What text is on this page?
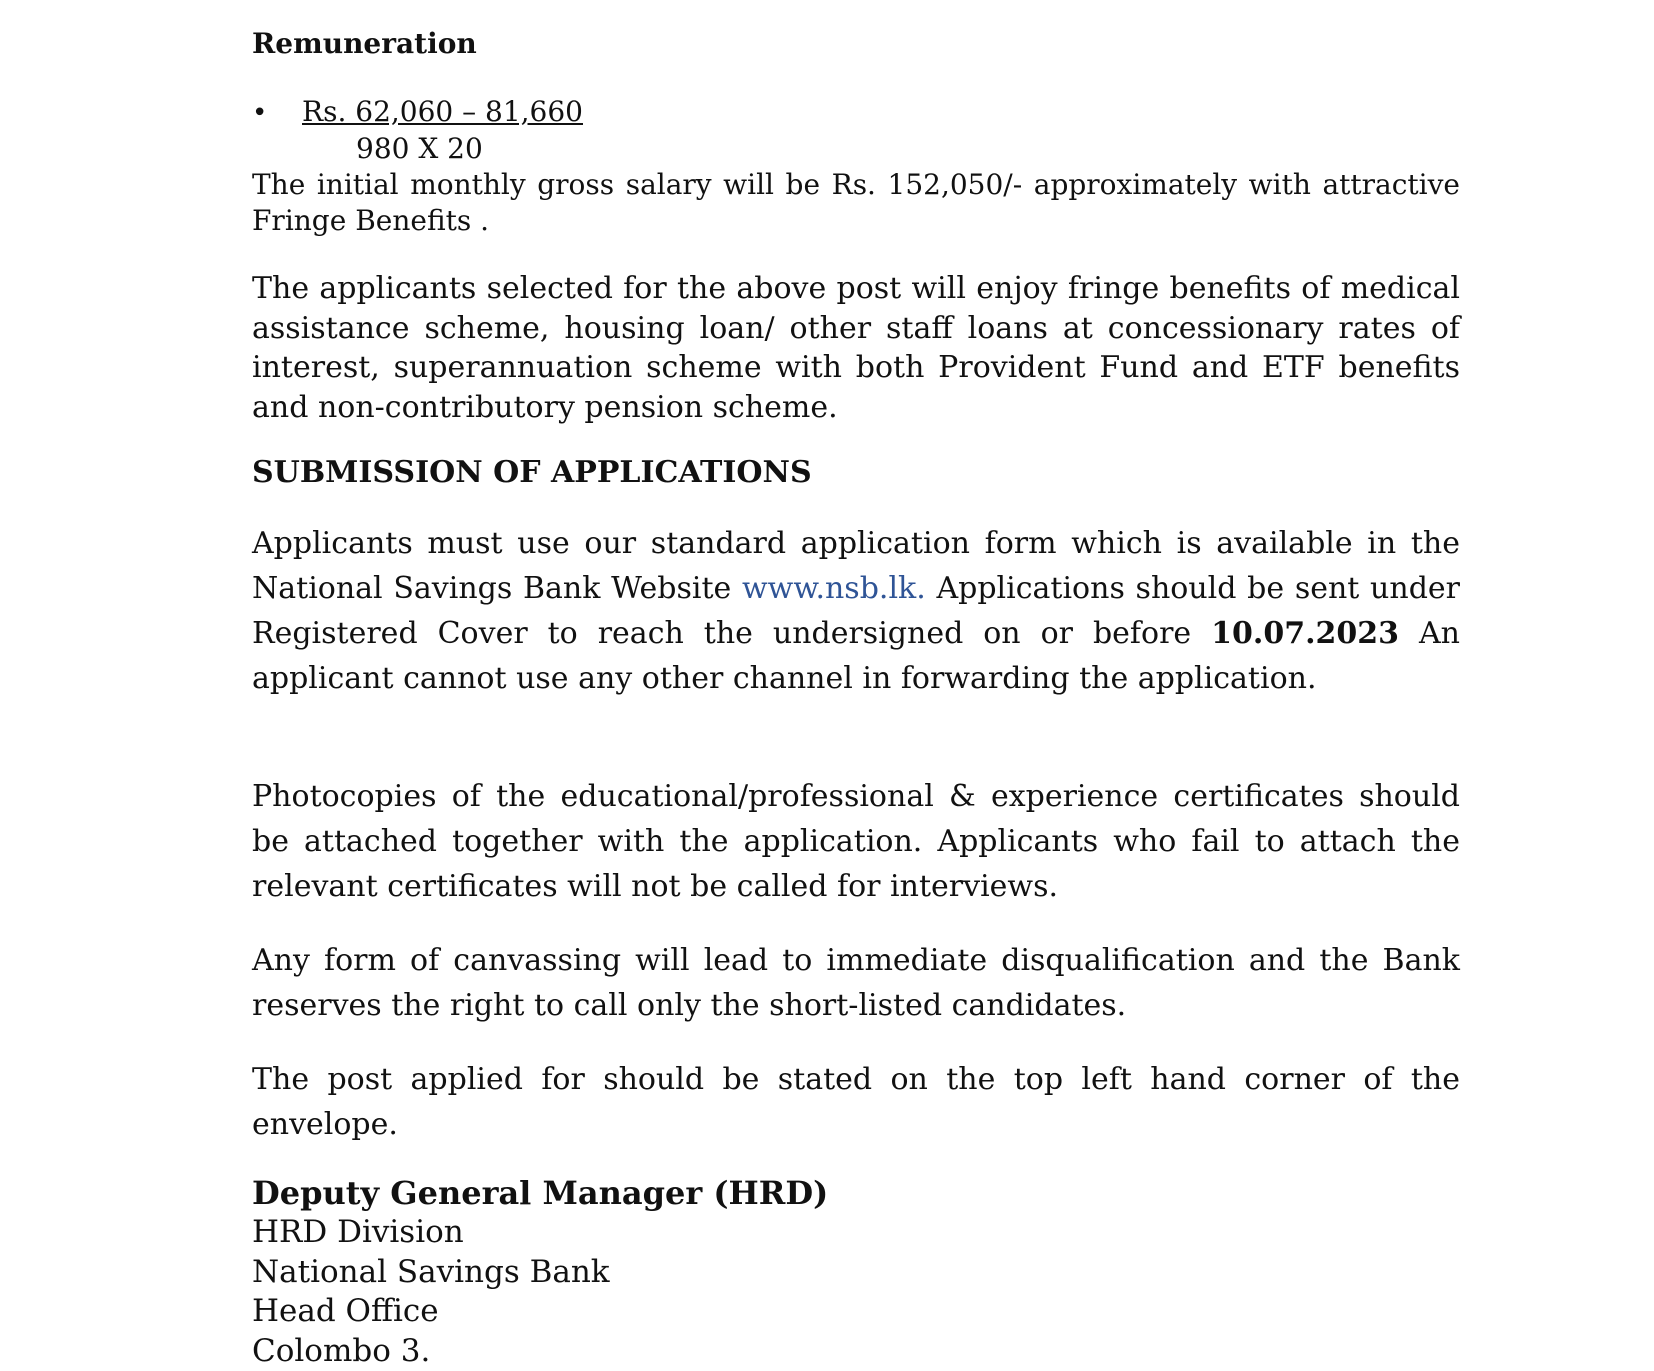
Remuneration
•	Rs. 62,060 – 81,660
980 X 20

The initial monthly gross salary will be Rs. 152,050/- approximately with attractive Fringe Benefits .

The applicants selected for the above post will enjoy fringe benefits of medical assistance scheme, housing loan/ other staff loans at concessionary rates of interest, superannuation scheme with both Provident Fund and ETF benefits and non-contributory pension scheme.

SUBMISSION OF APPLICATIONS

Applicants must use our standard application form which is available in the National Savings Bank Website www.nsb.lk. Applications should be sent under Registered Cover to reach the undersigned on or before 10.07.2023 An applicant cannot use any other channel in forwarding the application.

Photocopies of the educational/professional & experience certificates should be attached together with the application. Applicants who fail to attach the relevant certificates will not be called for interviews.

Any form of canvassing will lead to immediate disqualification and the Bank reserves the right to call only the short-listed candidates.

The post applied for should be stated on the top left hand corner of the envelope.

Deputy General Manager (HRD)
HRD Division
National Savings Bank
Head Office
Colombo 3.
